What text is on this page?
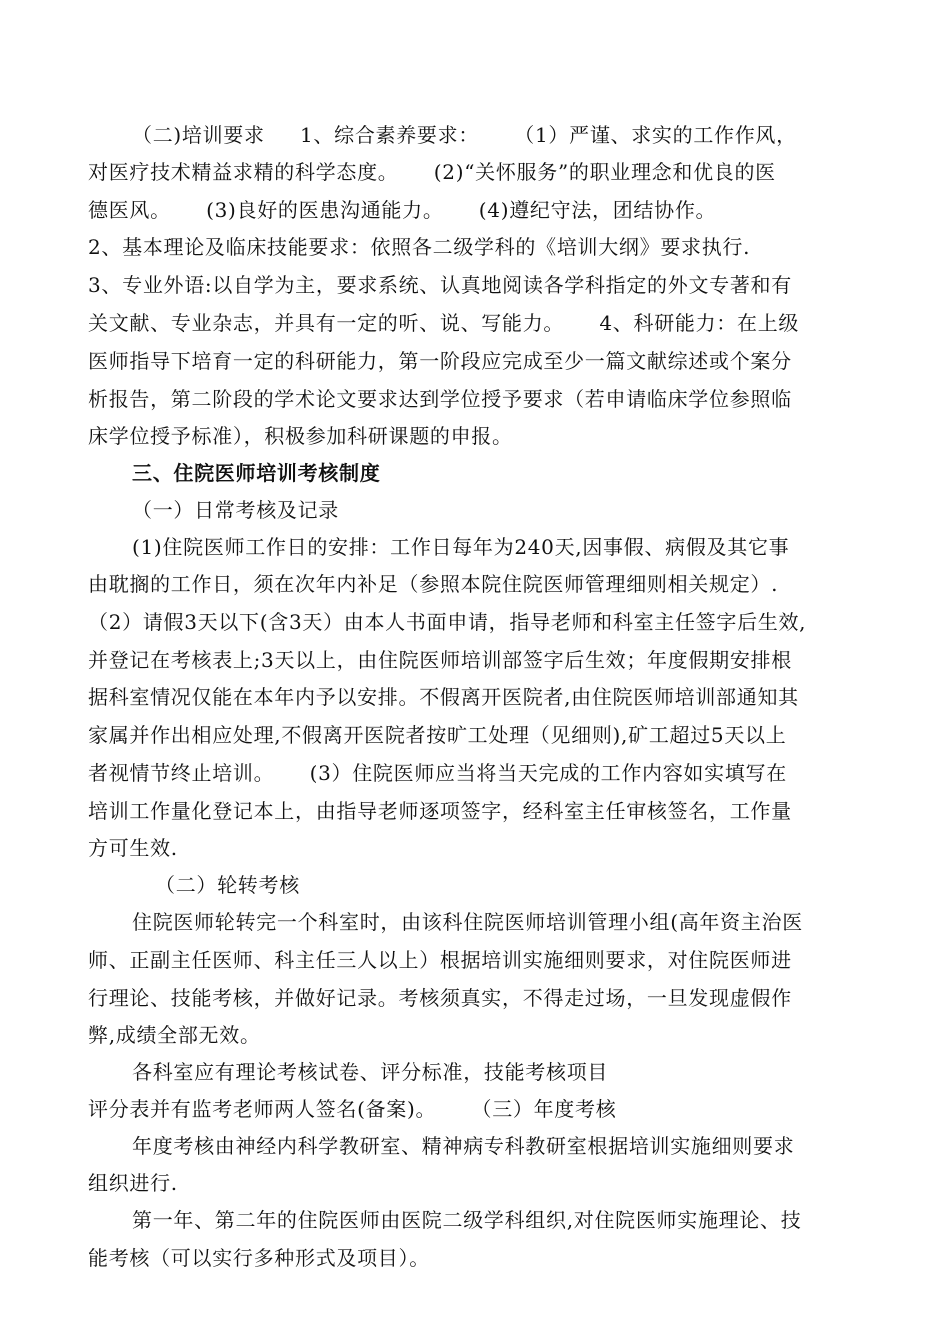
（二)培训要求     1、综合素养要求：     （1）严谨、求实的工作作风，
对医疗技术精益求精的科学态度。     (2)“关怀服务”的职业理念和优良的医
德医风。     (3)良好的医患沟通能力。     (4)遵纪守法，团结协作。
2、基本理论及临床技能要求：依照各二级学科的《培训大纲》要求执行.
3、专业外语:以自学为主，要求系统、认真地阅读各学科指定的外文专著和有
关文献、专业杂志，并具有一定的听、说、写能力。     4、科研能力：在上级
医师指导下培育一定的科研能力，第一阶段应完成至少一篇文献综述或个案分
析报告，第二阶段的学术论文要求达到学位授予要求（若申请临床学位参照临
床学位授予标准），积极参加科研课题的申报。
三、住院医师培训考核制度
（一）日常考核及记录
(1)住院医师工作日的安排：工作日每年为240天,因事假、病假及其它事
由耽搁的工作日，须在次年内补足（参照本院住院医师管理细则相关规定）.
（2）请假3天以下(含3天）由本人书面申请，指导老师和科室主任签字后生效,
并登记在考核表上;3天以上，由住院医师培训部签字后生效；年度假期安排根
据科室情况仅能在本年内予以安排。不假离开医院者,由住院医师培训部通知其
家属并作出相应处理,不假离开医院者按旷工处理（见细则),矿工超过5天以上
者视情节终止培训。     (3）住院医师应当将当天完成的工作内容如实填写在
培训工作量化登记本上，由指导老师逐项签字，经科室主任审核签名，工作量
方可生效.
（二）轮转考核
住院医师轮转完一个科室时，由该科住院医师培训管理小组(高年资主治医
师、正副主任医师、科主任三人以上）根据培训实施细则要求，对住院医师进
行理论、技能考核，并做好记录。考核须真实，不得走过场，一旦发现虚假作
弊,成绩全部无效。
各科室应有理论考核试卷、评分标准，技能考核项目
评分表并有监考老师两人签名(备案)。     （三）年度考核
年度考核由神经内科学教研室、精神病专科教研室根据培训实施细则要求
组织进行.
第一年、第二年的住院医师由医院二级学科组织,对住院医师实施理论、技
能考核（可以实行多种形式及项目）。
